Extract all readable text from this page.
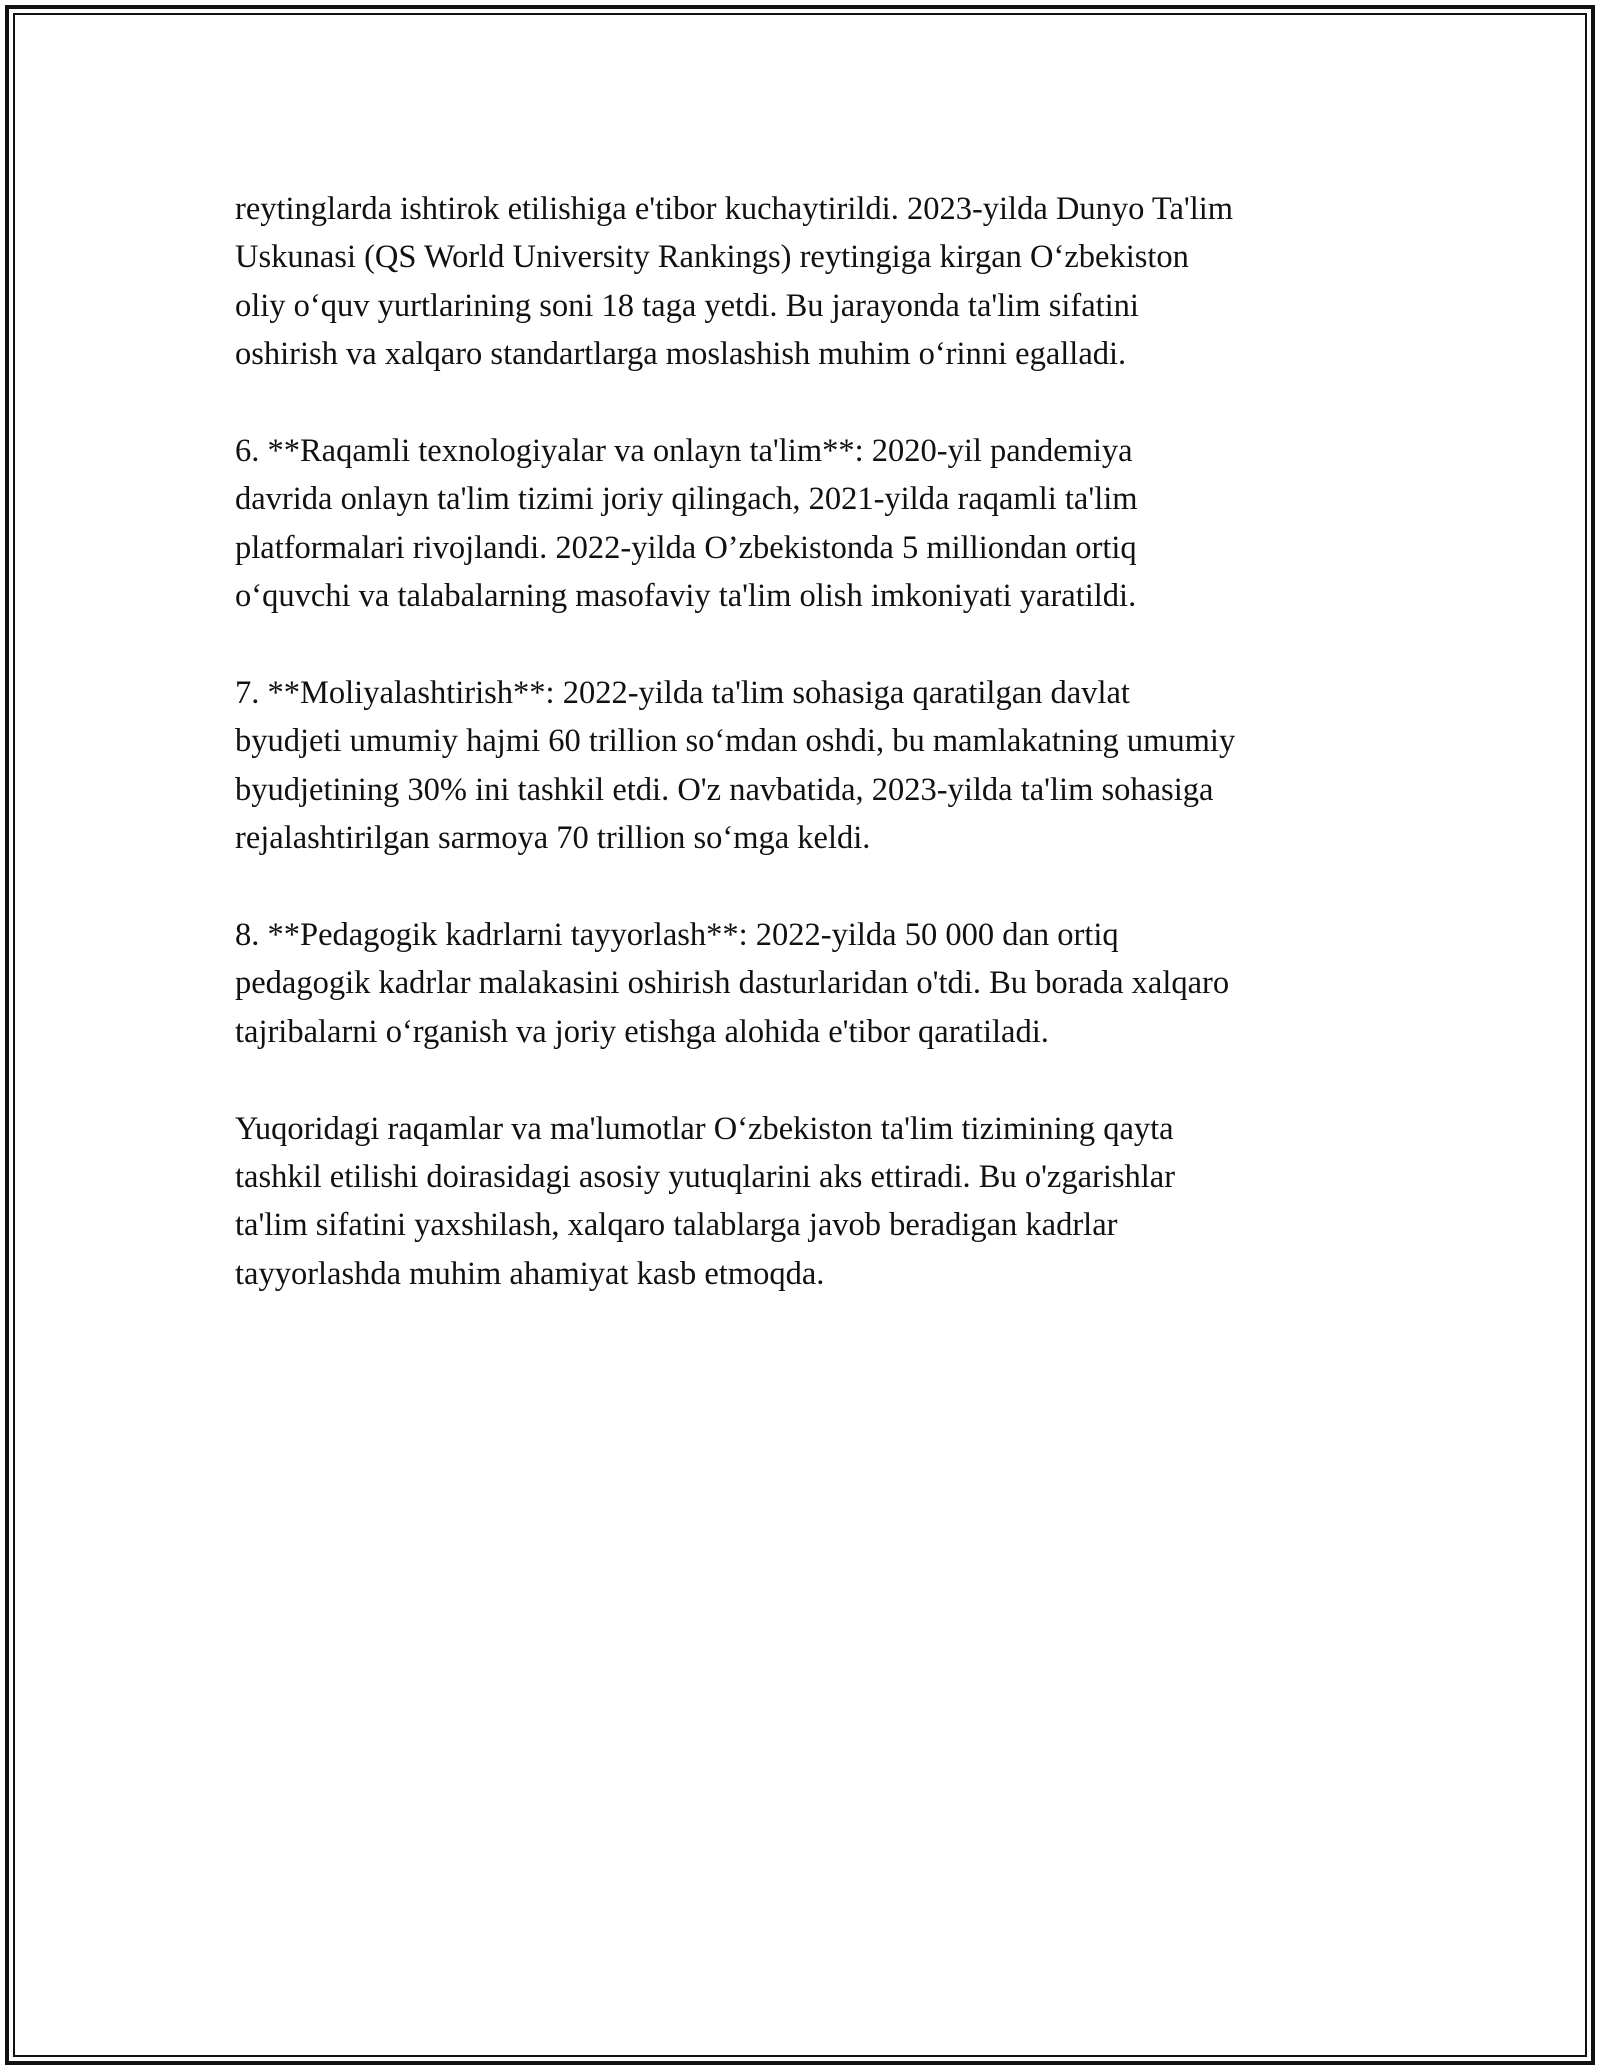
reytinglarda ishtirok etilishiga e'tibor kuchaytirildi. 2023-yilda Dunyo Ta'lim
Uskunasi (QS World University Rankings) reytingiga kirgan O‘zbekiston
oliy o‘quv yurtlarining soni 18 taga yetdi. Bu jarayonda ta'lim sifatini
oshirish va xalqaro standartlarga moslashish muhim o‘rinni egalladi.

6. **Raqamli texnologiyalar va onlayn ta'lim**: 2020-yil pandemiya
davrida onlayn ta'lim tizimi joriy qilingach, 2021-yilda raqamli ta'lim
platformalari rivojlandi. 2022-yilda O’zbekistonda 5 milliondan ortiq
o‘quvchi va talabalarning masofaviy ta'lim olish imkoniyati yaratildi.

7. **Moliyalashtirish**: 2022-yilda ta'lim sohasiga qaratilgan davlat
byudjeti umumiy hajmi 60 trillion so‘mdan oshdi, bu mamlakatning umumiy
byudjetining 30% ini tashkil etdi. O'z navbatida, 2023-yilda ta'lim sohasiga
rejalashtirilgan sarmoya 70 trillion so‘mga keldi.

8. **Pedagogik kadrlarni tayyorlash**: 2022-yilda 50 000 dan ortiq
pedagogik kadrlar malakasini oshirish dasturlaridan o'tdi. Bu borada xalqaro
tajribalarni o‘rganish va joriy etishga alohida e'tibor qaratiladi.

Yuqoridagi raqamlar va ma'lumotlar O‘zbekiston ta'lim tizimining qayta
tashkil etilishi doirasidagi asosiy yutuqlarini aks ettiradi. Bu o'zgarishlar
ta'lim sifatini yaxshilash, xalqaro talablarga javob beradigan kadrlar
tayyorlashda muhim ahamiyat kasb etmoqda.
